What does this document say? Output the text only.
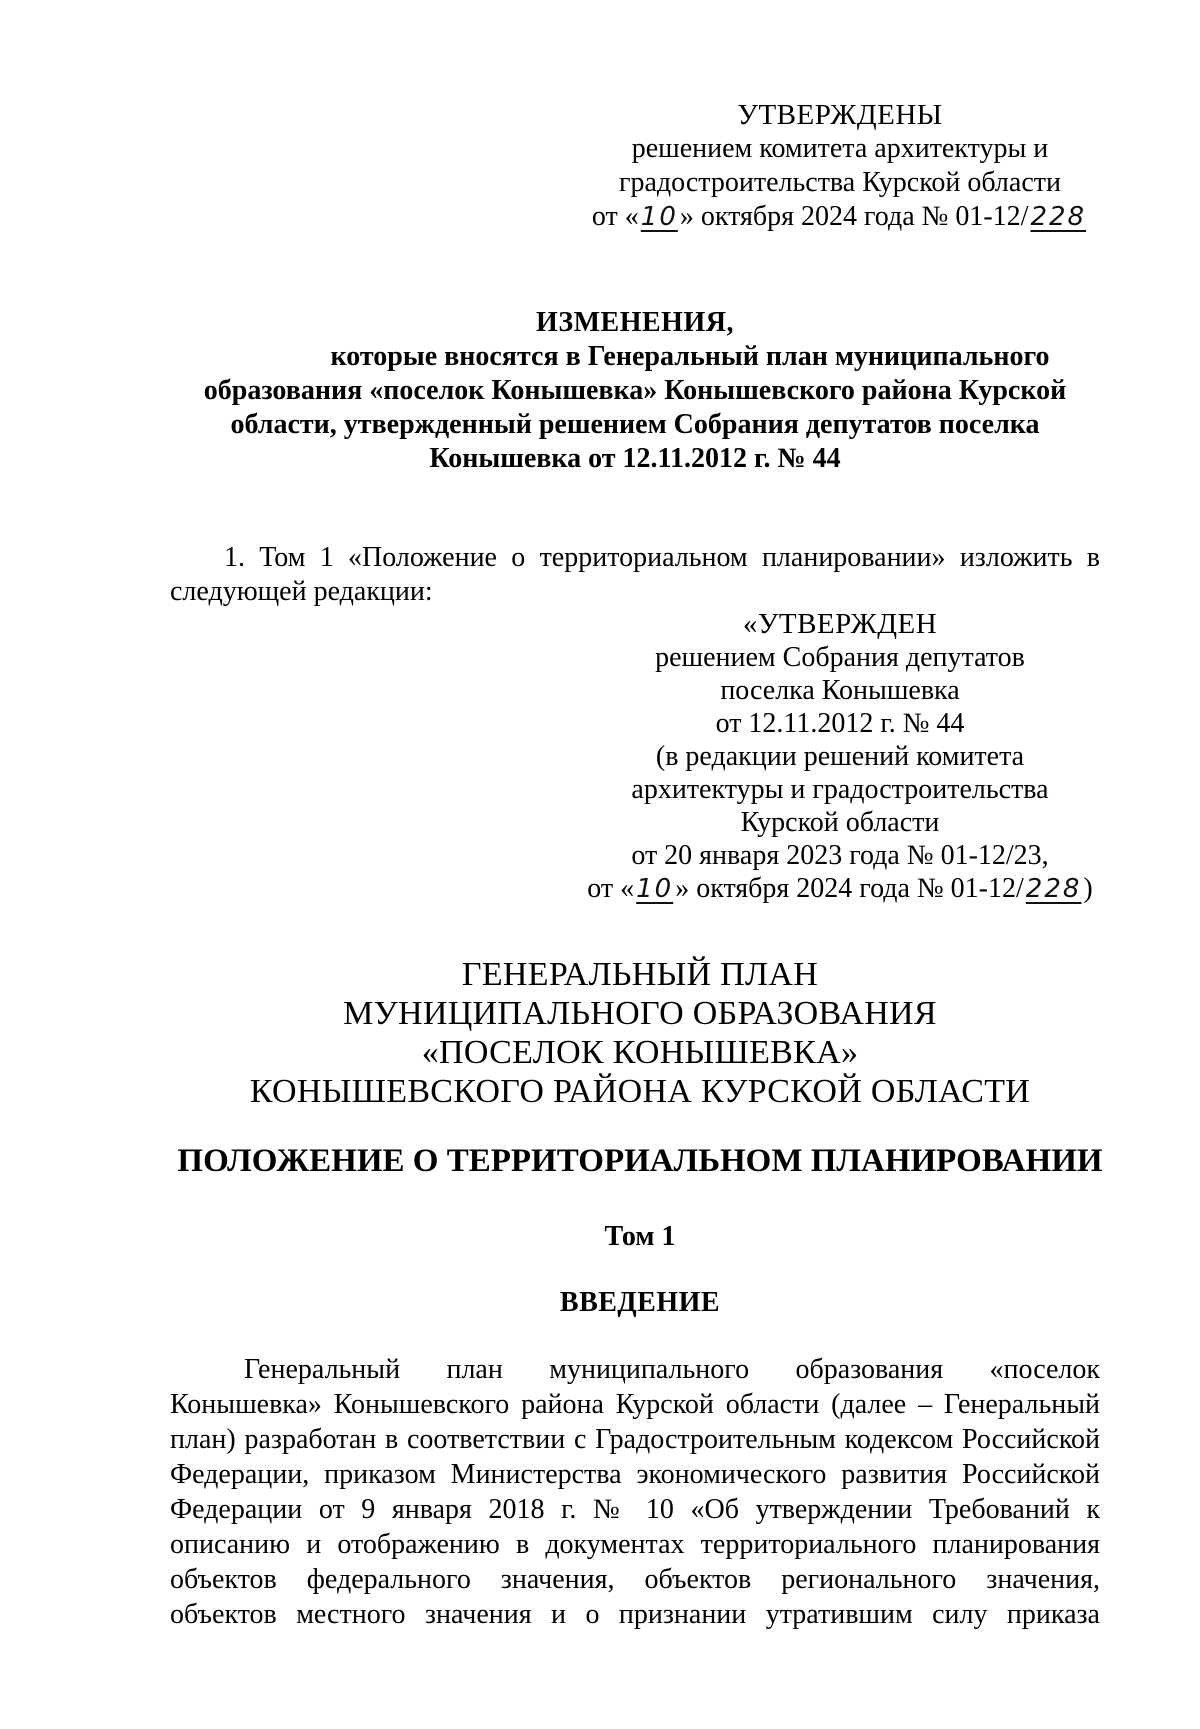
УТВЕРЖДЕНЫ
решением комитета архитектуры и
градостроительства Курской области
от «10» октября 2024 года № 01-12/228
ИЗМЕНЕНИЯ,
которые вносятся в Генеральный план муниципального
образования «поселок Конышевка» Конышевского района Курской
области, утвержденный решением Собрания депутатов поселка
Конышевка от 12.11.2012 г. № 44
1. Том 1 «Положение о территориальном планировании» изложить в
следующей редакции:
«УТВЕРЖДЕН
решением Собрания депутатов
поселка Конышевка
от 12.11.2012 г. № 44
(в редакции решений комитета
архитектуры и градостроительства
Курской области
от 20 января 2023 года № 01-12/23,
от «10» октября 2024 года № 01-12/228)
ГЕНЕРАЛЬНЫЙ ПЛАН
МУНИЦИПАЛЬНОГО ОБРАЗОВАНИЯ
«ПОСЕЛОК КОНЫШЕВКА»
КОНЫШЕВСКОГО РАЙОНА КУРСКОЙ ОБЛАСТИ
ПОЛОЖЕНИЕ О ТЕРРИТОРИАЛЬНОМ ПЛАНИРОВАНИИ
Том 1
ВВЕДЕНИЕ
Генеральный план муниципального образования «поселок
Конышевка» Конышевского района Курской области (далее – Генеральный
план) разработан в соответствии с Градостроительным кодексом Российской
Федерации, приказом Министерства экономического развития Российской
Федерации от 9 января 2018 г. № 10 «Об утверждении Требований к
описанию и отображению в документах территориального планирования
объектов федерального значения, объектов регионального значения,
объектов местного значения и о признании утратившим силу приказа
